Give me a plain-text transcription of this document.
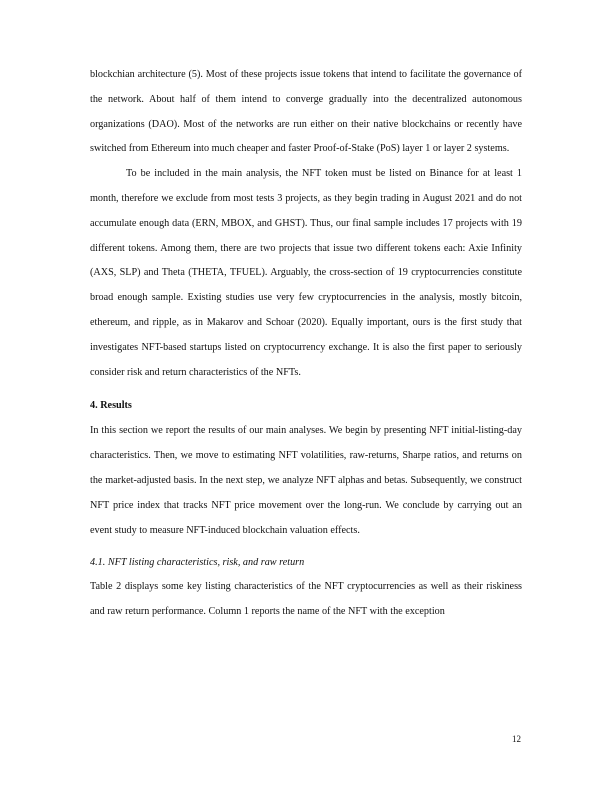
blockchian architecture (5). Most of these projects issue tokens that intend to facilitate the governance of the network. About half of them intend to converge gradually into the decentralized autonomous organizations (DAO). Most of the networks are run either on their native blockchains or recently have switched from Ethereum into much cheaper and faster Proof-of-Stake (PoS) layer 1 or layer 2 systems.

To be included in the main analysis, the NFT token must be listed on Binance for at least 1 month, therefore we exclude from most tests 3 projects, as they begin trading in August 2021 and do not accumulate enough data (ERN, MBOX, and GHST). Thus, our final sample includes 17 projects with 19 different tokens. Among them, there are two projects that issue two different tokens each: Axie Infinity (AXS, SLP) and Theta (THETA, TFUEL). Arguably, the cross-section of 19 cryptocurrencies constitute broad enough sample. Existing studies use very few cryptocurrencies in the analysis, mostly bitcoin, ethereum, and ripple, as in Makarov and Schoar (2020). Equally important, ours is the first study that investigates NFT-based startups listed on cryptocurrency exchange. It is also the first paper to seriously consider risk and return characteristics of the NFTs.

4. Results

In this section we report the results of our main analyses. We begin by presenting NFT initial-listing-day characteristics. Then, we move to estimating NFT volatilities, raw-returns, Sharpe ratios, and returns on the market-adjusted basis. In the next step, we analyze NFT alphas and betas. Subsequently, we construct NFT price index that tracks NFT price movement over the long-run. We conclude by carrying out an event study to measure NFT-induced blockchain valuation effects.

4.1. NFT listing characteristics, risk, and raw return

Table 2 displays some key listing characteristics of the NFT cryptocurrencies as well as their riskiness and raw return performance. Column 1 reports the name of the NFT with the exception

12
